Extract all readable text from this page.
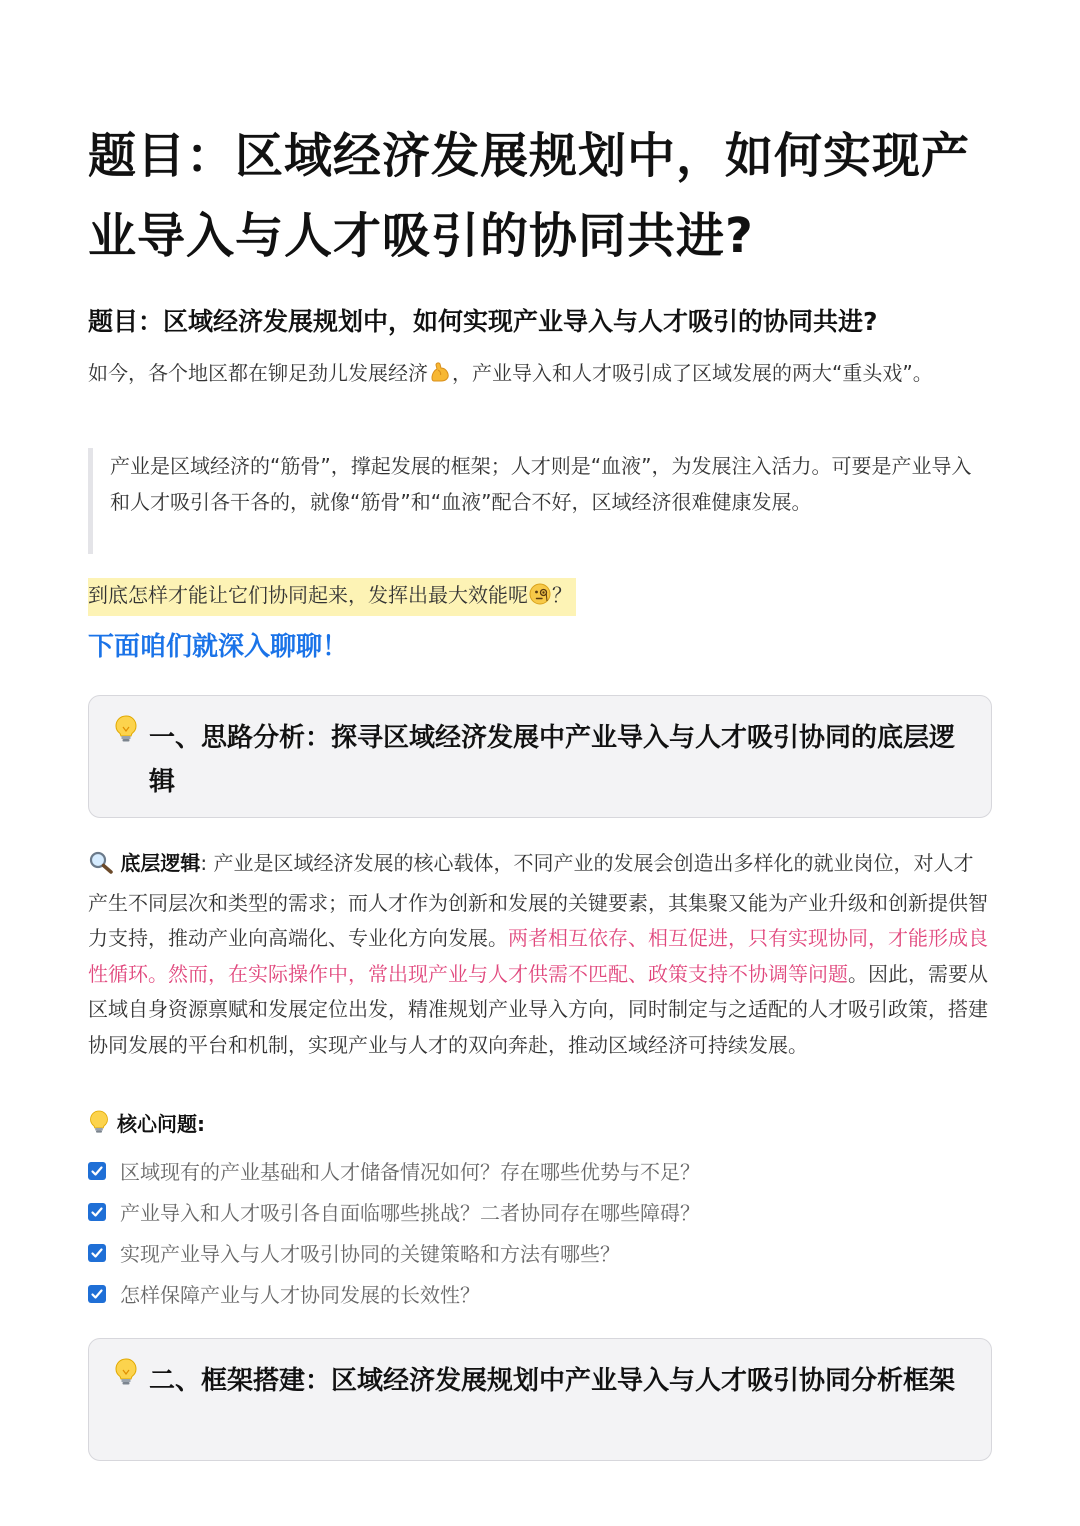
题目：区域经济发展规划中，如何实现产业导入与人才吸引的协同共进?
题目：区域经济发展规划中，如何实现产业导入与人才吸引的协同共进?

如今，各个地区都在铆足劲儿发展经济 ，产业导入和人才吸引成了区域发展的两大“重头戏”。

产业是区域经济的“筋骨”，撑起发展的框架；人才则是“血液”，为发展注入活力。可要是产业导入和人才吸引各干各的，就像“筋骨”和“血液”配合不好，区域经济很难健康发展。
到底怎样才能让它们协同起来，发挥出最大效能呢 ？
下面咱们就深入聊聊！
一、思路分析：探寻区域经济发展中产业导入与人才吸引协同的底层逻辑

底层逻辑: 产业是区域经济发展的核心载体，不同产业的发展会创造出多样化的就业岗位，对人才产生不同层次和类型的需求；而人才作为创新和发展的关键要素，其集聚又能为产业升级和创新提供智力支持，推动产业向高端化、专业化方向发展。两者相互依存、相互促进，只有实现协同，才能形成良性循环。然而，在实际操作中，常出现产业与人才供需不匹配、政策支持不协调等问题。因此，需要从区域自身资源禀赋和发展定位出发，精准规划产业导入方向，同时制定与之适配的人才吸引政策，搭建协同发展的平台和机制，实现产业与人才的双向奔赴，推动区域经济可持续发展。

核心问题:
区域现有的产业基础和人才储备情况如何？存在哪些优势与不足？
产业导入和人才吸引各自面临哪些挑战？二者协同存在哪些障碍？
实现产业导入与人才吸引协同的关键策略和方法有哪些？
怎样保障产业与人才协同发展的长效性？
二、框架搭建：区域经济发展规划中产业导入与人才吸引协同分析框架
